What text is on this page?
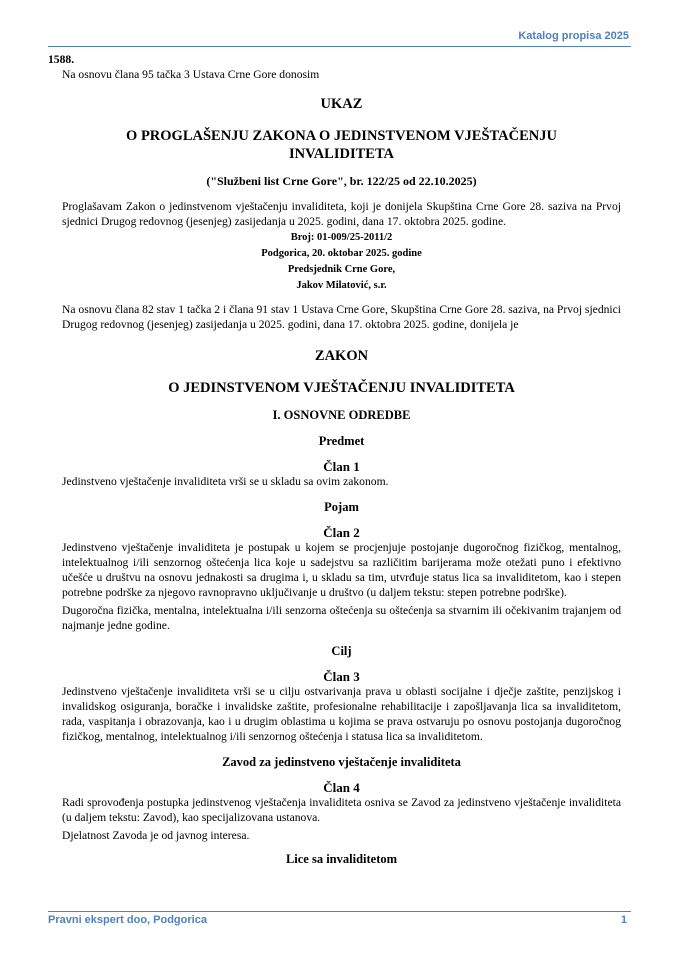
Katalog propisa 2025

1588.

Na osnovu člana 95 tačka 3 Ustava Crne Gore donosim

UKAZ
O PROGLAŠENJU ZAKONA O JEDINSTVENOM VJEŠTAČENJU INVALIDITETA
("Službeni list Crne Gore", br. 122/25 od 22.10.2025)

Proglašavam Zakon o jedinstvenom vještačenju invaliditeta, koji je donijela Skupština Crne Gore 28. saziva na Prvoj sjednici Drugog redovnog (jesenjeg) zasijedanja u 2025. godini, dana 17. oktobra 2025. godine.

Broj: 01-009/25-2011/2
Podgorica, 20. oktobar 2025. godine
Predsjednik Crne Gore,
Jakov Milatović, s.r.

Na osnovu člana 82 stav 1 tačka 2 i člana 91 stav 1 Ustava Crne Gore, Skupština Crne Gore 28. saziva, na Prvoj sjednici Drugog redovnog (jesenjeg) zasijedanja u 2025. godini, dana 17. oktobra 2025. godine, donijela je

ZAKON
O JEDINSTVENOM VJEŠTAČENJU INVALIDITETA
I. OSNOVNE ODREDBE
Predmet
Član 1

Jedinstveno vještačenje invaliditeta vrši se u skladu sa ovim zakonom.

Pojam
Član 2

Jedinstveno vještačenje invaliditeta je postupak u kojem se procjenjuje postojanje dugoročnog fizičkog, mentalnog, intelektualnog i/ili senzornog oštećenja lica koje u sadejstvu sa različitim barijerama može otežati puno i efektivno učešće u društvu na osnovu jednakosti sa drugima i, u skladu sa tim, utvrđuje status lica sa invaliditetom, kao i stepen potrebne podrške za njegovo ravnopravno uključivanje u društvo (u daljem tekstu: stepen potrebne podrške).

Dugoročna fizička, mentalna, intelektualna i/ili senzorna oštećenja su oštećenja sa stvarnim ili očekivanim trajanjem od najmanje jedne godine.

Cilj
Član 3

Jedinstveno vještačenje invaliditeta vrši se u cilju ostvarivanja prava u oblasti socijalne i dječje zaštite, penzijskog i invalidskog osiguranja, boračke i invalidske zaštite, profesionalne rehabilitacije i zapošljavanja lica sa invaliditetom, rada, vaspitanja i obrazovanja, kao i u drugim oblastima u kojima se prava ostvaruju po osnovu postojanja dugoročnog fizičkog, mentalnog, intelektualnog i/ili senzornog oštećenja i statusa lica sa invaliditetom.

Zavod za jedinstveno vještačenje invaliditeta
Član 4

Radi sprovođenja postupka jedinstvenog vještačenja invaliditeta osniva se Zavod za jedinstveno vještačenje invaliditeta (u daljem tekstu: Zavod), kao specijalizovana ustanova.

Djelatnost Zavoda je od javnog interesa.

Lice sa invaliditetom
Pravni ekspert doo, Podgorica	1
